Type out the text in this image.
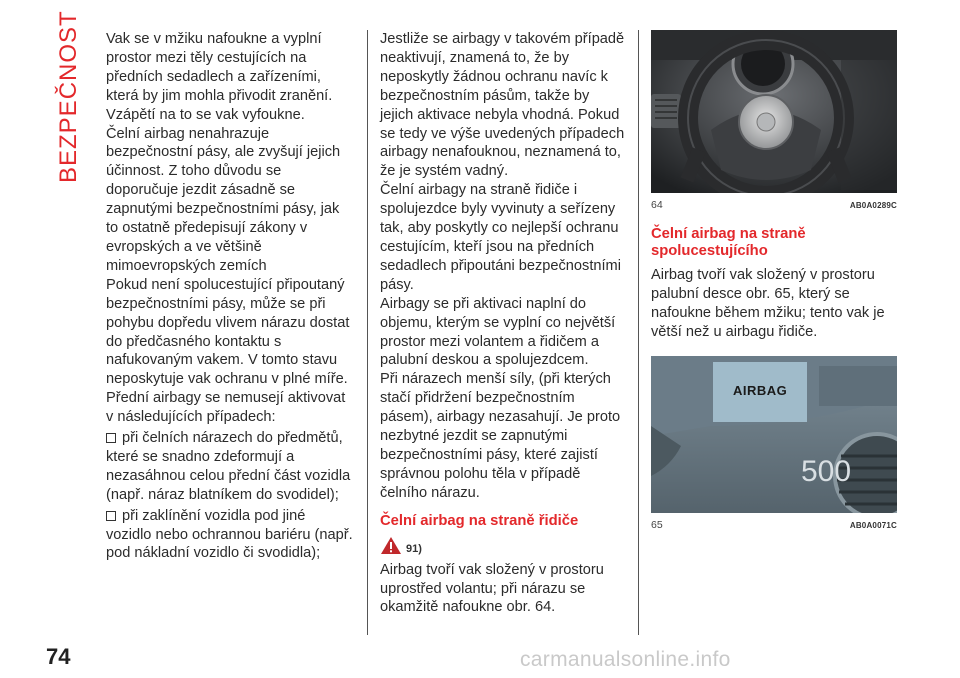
BEZPEČNOST Vak se v mžiku nafoukne a vyplní prostor mezi těly cestujících na předních sedadlech a zařízeními, která by jim mohla přivodit zranění. Vzápětí na to se vak vyfoukne.

Čelní airbag nenahrazuje bezpečnostní pásy, ale zvyšují jejich účinnost. Z toho důvodu se doporučuje jezdit zásadně se zapnutými bezpečnostními pásy, jak to ostatně předepisují zákony v evropských a ve většině mimoevropských zemích

Pokud není spolucestující připoutaný bezpečnostními pásy, může se při pohybu dopředu vlivem nárazu dostat do předčasného kontaktu s nafukovaným vakem. V tomto stavu neposkytuje vak ochranu v plné míře.

Přední airbagy se nemusejí aktivovat v následujících případech:

při čelních nárazech do předmětů, které se snadno zdeformují a nezasáhnou celou přední část vozidla (např. náraz blatníkem do svodidel);

při zaklínění vozidla pod jiné vozidlo nebo ochrannou bariéru (např. pod nákladní vozidlo či svodidla);

Jestliže se airbagy v takovém případě neaktivují, znamená to, že by neposkytly žádnou ochranu navíc k bezpečnostním pásům, takže by jejich aktivace nebyla vhodná. Pokud se tedy ve výše uvedených případech airbagy nenafouknou, neznamená to, že je systém vadný.

Čelní airbagy na straně řidiče i spolujezdce byly vyvinuty a seřízeny tak, aby poskytly co nejlepší ochranu cestujícím, kteří jsou na předních sedadlech připoutáni bezpečnostními pásy.

Airbagy se při aktivaci naplní do objemu, kterým se vyplní co největší prostor mezi volantem a řidičem a palubní deskou a spolujezdcem.

Při nárazech menší síly, (při kterých stačí přidržení bezpečnostním pásem), airbagy nezasahují. Je proto nezbytné jezdit se zapnutými bezpečnostními pásy, které zajistí správnou polohu těla v případě čelního nárazu.

Čelní airbag na straně řidiče
91)

Airbag tvoří vak složený v prostoru uprostřed volantu; při nárazu se okamžitě nafoukne obr. 64.

64	AB0A0289C
Čelní airbag na straně spolucestujícího

Airbag tvoří vak složený v prostoru palubní desce obr. 65, který se nafoukne během mžiku; tento vak je větší než u airbagu řidiče.

500
AIRBAG
65	AB0A0071C
74	carmanualsonline.info
